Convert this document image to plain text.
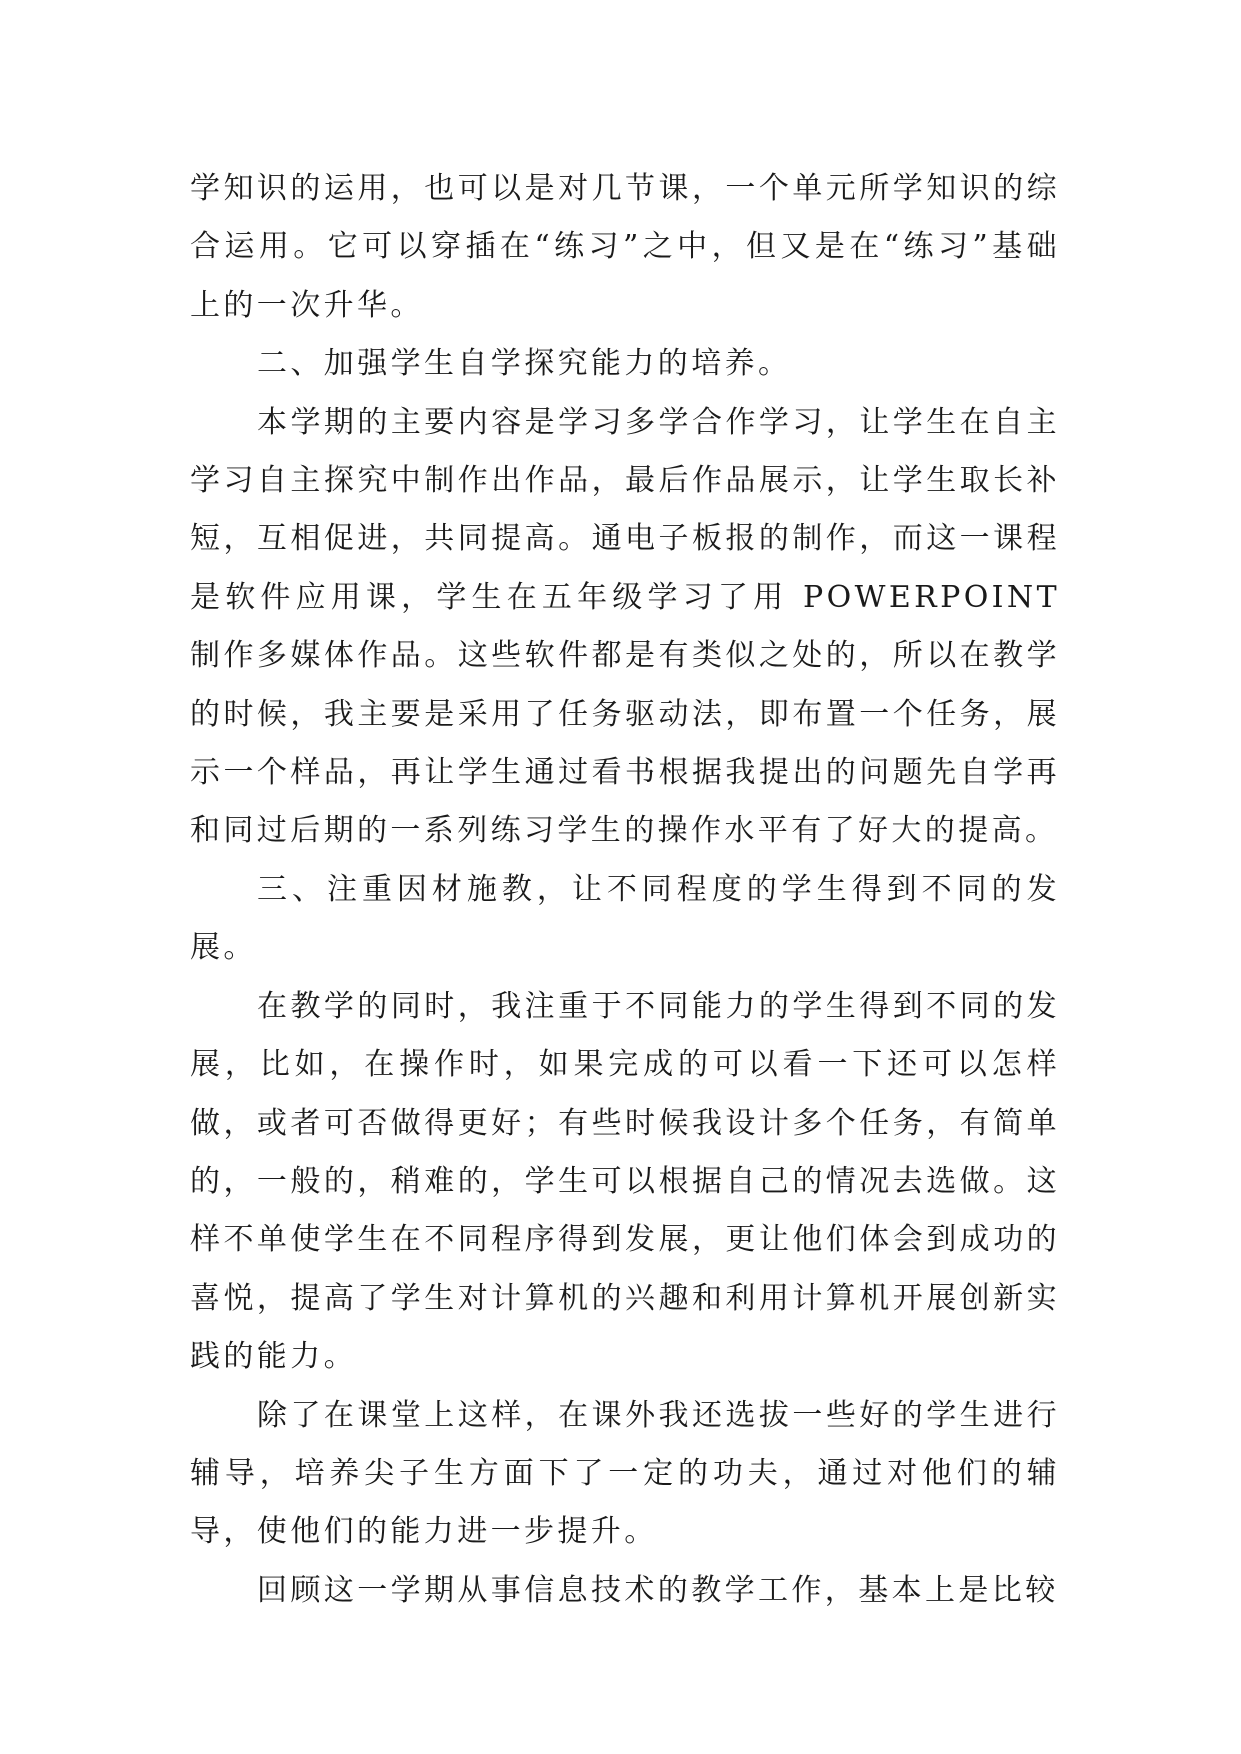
学知识的运用，也可以是对几节课，一个单元所学知识的综合运用。它可以穿插在“练习”之中，但又是在“练习”基础上的一次升华。

二、加强学生自学探究能力的培养。

本学期的主要内容是学习多学合作学习，让学生在自主学习自主探究中制作出作品，最后作品展示，让学生取长补短，互相促进，共同提高。通电子板报的制作，而这一课程是软件应用课，学生在五年级学习了用 POWERPOINT 制作多媒体作品。这些软件都是有类似之处的，所以在教学的时候，我主要是采用了任务驱动法，即布置一个任务，展示一个样品，再让学生通过看书根据我提出的问题先自学再和同过后期的一系列练习学生的操作水平有了好大的提高。

三、注重因材施教，让不同程度的学生得到不同的发展。

在教学的同时，我注重于不同能力的学生得到不同的发展，比如，在操作时，如果完成的可以看一下还可以怎样做，或者可否做得更好；有些时候我设计多个任务，有简单的，一般的，稍难的，学生可以根据自己的情况去选做。这样不单使学生在不同程序得到发展，更让他们体会到成功的喜悦，提高了学生对计算机的兴趣和利用计算机开展创新实践的能力。

除了在课堂上这样，在课外我还选拔一些好的学生进行辅导，培养尖子生方面下了一定的功夫，通过对他们的辅导，使他们的能力进一步提升。

回顾这一学期从事信息技术的教学工作，基本上是比较
